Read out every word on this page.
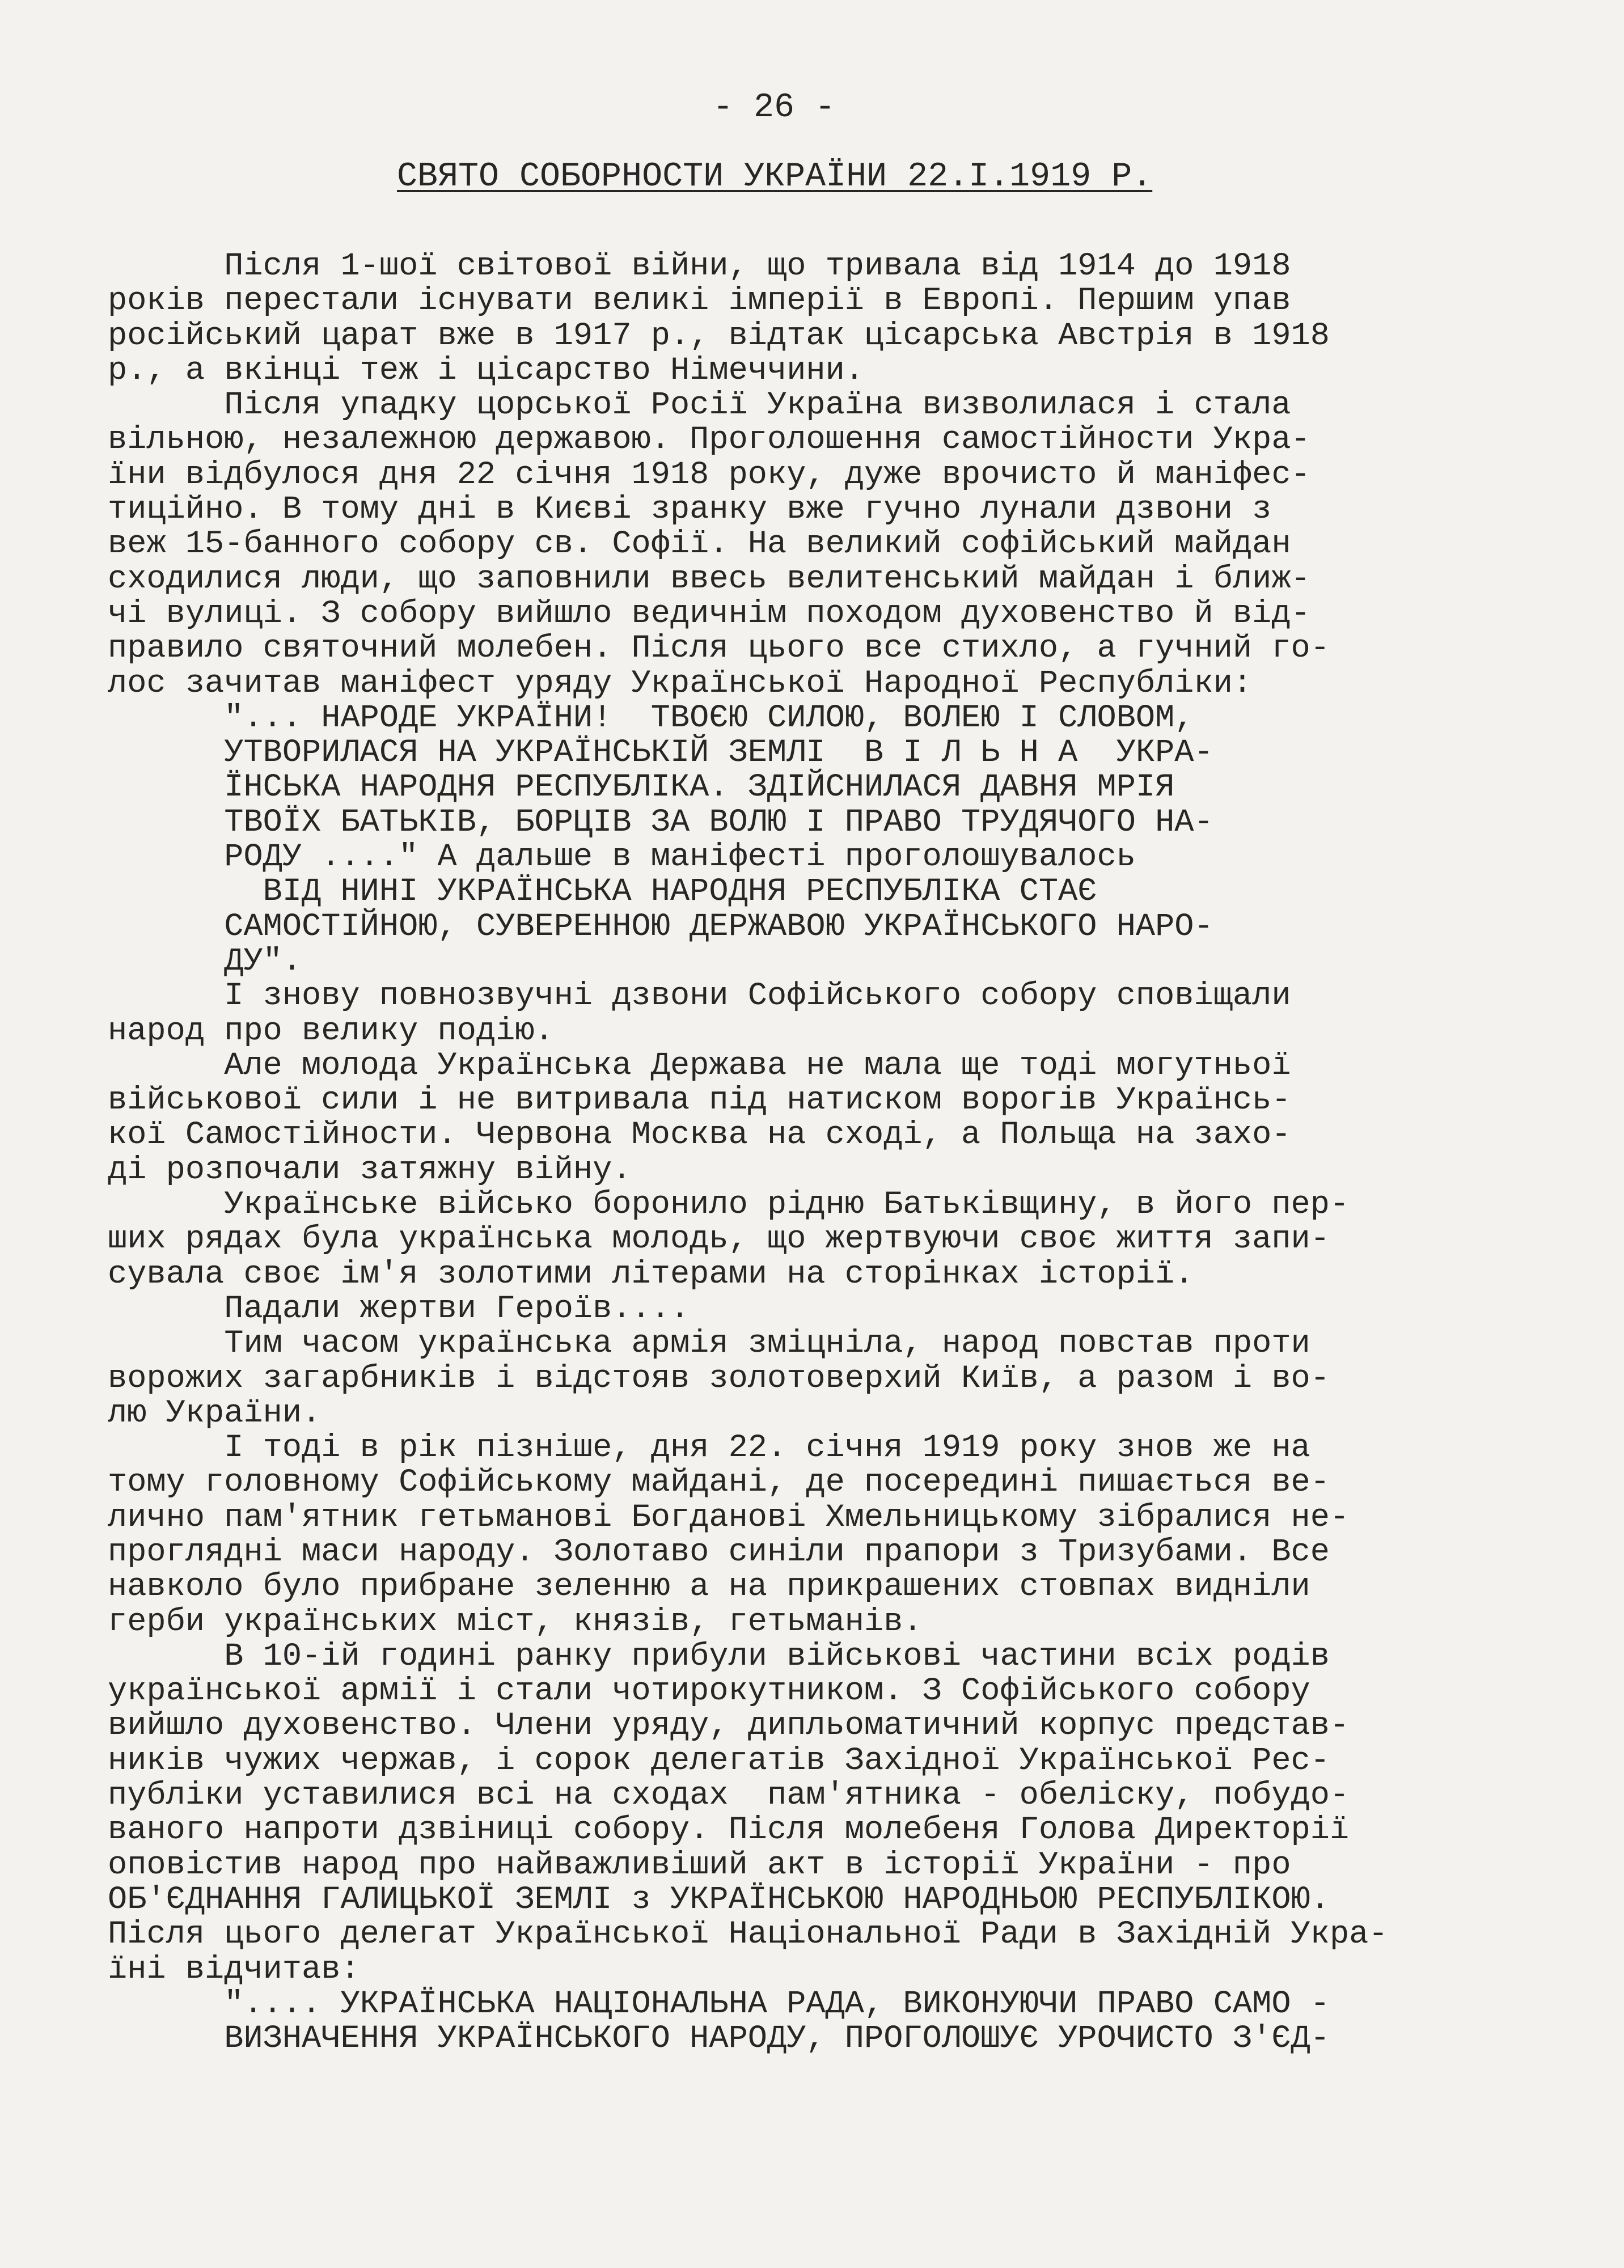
- 26 -
СВЯТО СОБОРНОСТИ УКРАЇНИ 22.I.1919 Р.
Після 1-шої світової війни, що тривала від 1914 до 1918
років перестали існувати великі імперії в Европі. Першим упав
російський царат вже в 1917 р., відтак цісарська Австрія в 1918
р., а вкінці теж і цісарство Німеччини.
Після упадку цорської Росії Україна визволилася і стала
вільною, незалежною державою. Проголошення самостійности Укра-
їни відбулося дня 22 січня 1918 року, дуже врочисто й маніфес-
тиційно. В тому дні в Києві зранку вже гучно лунали дзвони з
веж 15-банного собору св. Софії. На великий софійський майдан
сходилися люди, що заповнили ввесь велитенський майдан і ближ-
чі вулиці. З собору вийшло ведичнім походом духовенство й від-
правило святочний молебен. Після цього все стихло, а гучний го-
лос зачитав маніфест уряду Української Народної Республіки:
"... НАРОДЕ УКРАЇНИ!  ТВОЄЮ СИЛОЮ, ВОЛЕЮ І СЛОВОМ,
УТВОРИЛАСЯ НА УКРАЇНСЬКІЙ ЗЕМЛІ  В І Л Ь Н А  УКРА-
ЇНСЬКА НАРОДНЯ РЕСПУБЛІКА. ЗДІЙСНИЛАСЯ ДАВНЯ МРІЯ
ТВОЇХ БАТЬКІВ, БОРЦІВ ЗА ВОЛЮ І ПРАВО ТРУДЯЧОГО НА-
РОДУ ...." А дальше в маніфесті проголошувалось
ВІД НИНІ УКРАЇНСЬКА НАРОДНЯ РЕСПУБЛІКА СТАЄ
САМОСТІЙНОЮ, СУВЕРЕННОЮ ДЕРЖАВОЮ УКРАЇНСЬКОГО НАРО-
ДУ".
І знову повнозвучні дзвони Софійського собору сповіщали
народ про велику подію.
Але молода Українська Держава не мала ще тоді могутньої
військової сили і не витривала під натиском ворогів Українсь-
кої Самостійности. Червона Москва на сході, а Польща на захо-
ді розпочали затяжну війну.
Українське військо боронило рідню Батьківщину, в його пер-
ших рядах була українська молодь, що жертвуючи своє життя запи-
сувала своє ім'я золотими літерами на сторінках історії.
Падали жертви Героїв....
Тим часом українська армія зміцніла, народ повстав проти
ворожих загарбників і відстояв золотоверхий Київ, а разом і во-
лю України.
І тоді в рік пізніше, дня 22. січня 1919 року знов же на
тому головному Софійському майдані, де посередині пишається ве-
лично пам'ятник гетьманові Богданові Хмельницькому зібралися не-
проглядні маси народу. Золотаво синіли прапори з Тризубами. Все
навколо було прибране зеленню а на прикрашених стовпах видніли
герби українських міст, князів, гетьманів.
В 10-ій годині ранку прибули військові частини всіх родів
української армії і стали чотирокутником. З Софійського собору
вийшло духовенство. Члени уряду, дипльоматичний корпус представ-
ників чужих чержав, і сорок делегатів Західної Української Рес-
публіки уставилися всі на сходах  пам'ятника - обеліску, побудо-
ваного напроти дзвіниці собору. Після молебеня Голова Директорії
оповістив народ про найважливіший акт в історії України - про
ОБ'ЄДНАННЯ ГАЛИЦЬКОЇ ЗЕМЛІ з УКРАЇНСЬКОЮ НАРОДНЬОЮ РЕСПУБЛІКОЮ.
Після цього делегат Української Національної Ради в Західній Укра-
їні відчитав:
".... УКРАЇНСЬКА НАЦІОНАЛЬНА РАДА, ВИКОНУЮЧИ ПРАВО САМО -
ВИЗНАЧЕННЯ УКРАЇНСЬКОГО НАРОДУ, ПРОГОЛОШУЄ УРОЧИСТО З'ЄД-
